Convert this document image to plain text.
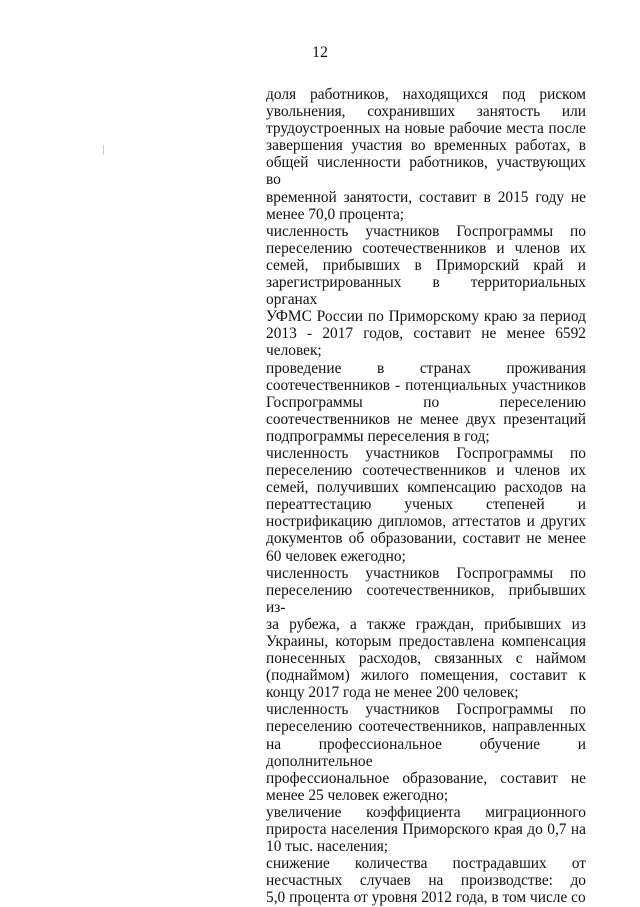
12

доля работников, находящихся под риском

увольнения, сохранивших занятость или

трудоустроенных на новые рабочие места после

завершения участия во временных работах, в

общей численности работников, участвующих во

временной занятости, составит в 2015 году не

менее 70,0 процента;

численность участников Госпрограммы по

переселению соотечественников и членов их

семей, прибывших в Приморский край и

зарегистрированных в территориальных органах

УФМС России по Приморскому краю за период

2013 - 2017 годов, составит не менее 6592 человек;

проведение в странах проживания

соотечественников - потенциальных участников

Госпрограммы по переселению

соотечественников не менее двух презентаций

подпрограммы переселения в год;

численность участников Госпрограммы по

переселению соотечественников и членов их

семей, получивших компенсацию расходов на

переаттестацию ученых степеней и

нострификацию дипломов, аттестатов и других

документов об образовании, составит не менее

60 человек ежегодно;

численность участников Госпрограммы по

переселению соотечественников, прибывших из-

за рубежа, а также граждан, прибывших из

Украины, которым предоставлена компенсация

понесенных расходов, связанных с наймом

(поднаймом) жилого помещения, составит к

концу 2017 года не менее 200 человек;

численность участников Госпрограммы по

переселению соотечественников, направленных

на профессиональное обучение и дополнительное

профессиональное образование, составит не

менее 25 человек ежегодно;

увеличение коэффициента миграционного

прироста населения Приморского края до 0,7 на

10 тыс. населения;

снижение количества пострадавших от

несчастных случаев на производстве: до

5,0 процента от уровня 2012 года, в том числе со
